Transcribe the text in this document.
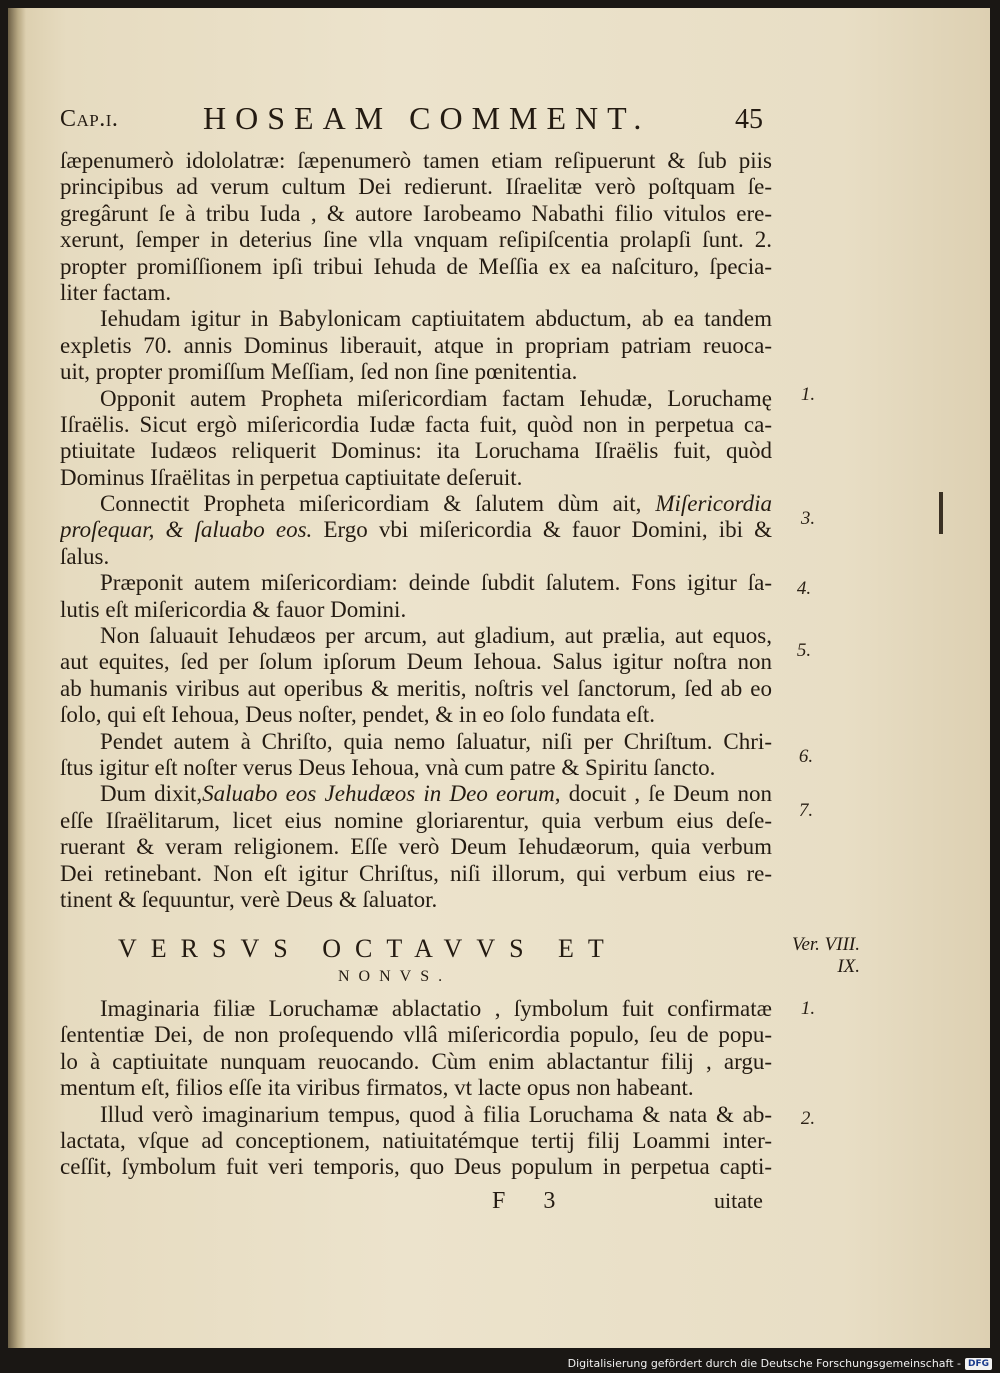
Cap.i.	HOSEAM COMMENT.	45
ſæpenumerò idololatræ: ſæpenumerò tamen etiam reſipuerunt & ſub piis
principibus ad verum cultum Dei redierunt. Iſraelitæ verò poſtquam ſe-
gregârunt ſe à tribu Iuda , & autore Iarobeamo Nabathi filio vitulos ere-
xerunt, ſemper in deterius ſine vlla vnquam reſipiſcentia prolapſi ſunt. 2.
propter promiſſionem ipſi tribui Iehuda de Meſſia ex ea naſcituro, ſpecia-
liter factam.
Iehudam igitur in Babylonicam captiuitatem abductum, ab ea tandem
expletis 70. annis Dominus liberauit, atque in propriam patriam reuoca-
uit, propter promiſſum Meſſiam, ſed non ſine pœnitentia.
Opponit autem Propheta miſericordiam factam Iehudæ, Loruchamę
Iſraëlis. Sicut ergò miſericordia Iudæ facta fuit, quòd non in perpetua ca-
ptiuitate Iudæos reliquerit Dominus: ita Loruchama Iſraëlis fuit, quòd
Dominus Iſraëlitas in perpetua captiuitate deſeruit.
Connectit Propheta miſericordiam & ſalutem dùm ait, Miſericordia
proſequar, & ſaluabo eos. Ergo vbi miſericordia & fauor Domini, ibi &
ſalus.
Præponit autem miſericordiam: deinde ſubdit ſalutem. Fons igitur ſa-
lutis eſt miſericordia & fauor Domini.
Non ſaluauit Iehudæos per arcum, aut gladium, aut prælia, aut equos,
aut equites, ſed per ſolum ipſorum Deum Iehoua. Salus igitur noſtra non
ab humanis viribus aut operibus & meritis, noſtris vel ſanctorum, ſed ab eo
ſolo, qui eſt Iehoua, Deus noſter, pendet, & in eo ſolo fundata eſt.
Pendet autem à Chriſto, quia nemo ſaluatur, niſi per Chriſtum. Chri-
ſtus igitur eſt noſter verus Deus Iehoua, vnà cum patre & Spiritu ſancto.
Dum dixit,Saluabo eos Jehudæos in Deo eorum, docuit , ſe Deum non
eſſe Iſraëlitarum, licet eius nomine gloriarentur, quia verbum eius deſe-
ruerant & veram religionem. Eſſe verò Deum Iehudæorum, quia verbum
Dei retinebant. Non eſt igitur Chriſtus, niſi illorum, qui verbum eius re-
tinent & ſequuntur, verè Deus & ſaluator.
VERSVS OCTAVVS ET
NONVS.
Imaginaria filiæ Loruchamæ ablactatio , ſymbolum fuit confirmatæ
ſententiæ Dei, de non proſequendo vllâ miſericordia populo, ſeu de popu-
lo à captiuitate nunquam reuocando. Cùm enim ablactantur filij , argu-
mentum eſt, filios eſſe ita viribus firmatos, vt lacte opus non habeant.
Illud verò imaginarium tempus, quod à filia Loruchama & nata & ab-
lactata, vſque ad conceptionem, natiuitatémque tertij filij Loammi inter-
ceſſit, ſymbolum fuit veri temporis, quo Deus populum in perpetua capti-
1.
3.
4.
5.
6.
7.
1.
2.
Ver. VIII.
IX.
F 3	uitate
Digitalisierung gefördert durch die Deutsche Forschungsgemeinschaft - DFG
